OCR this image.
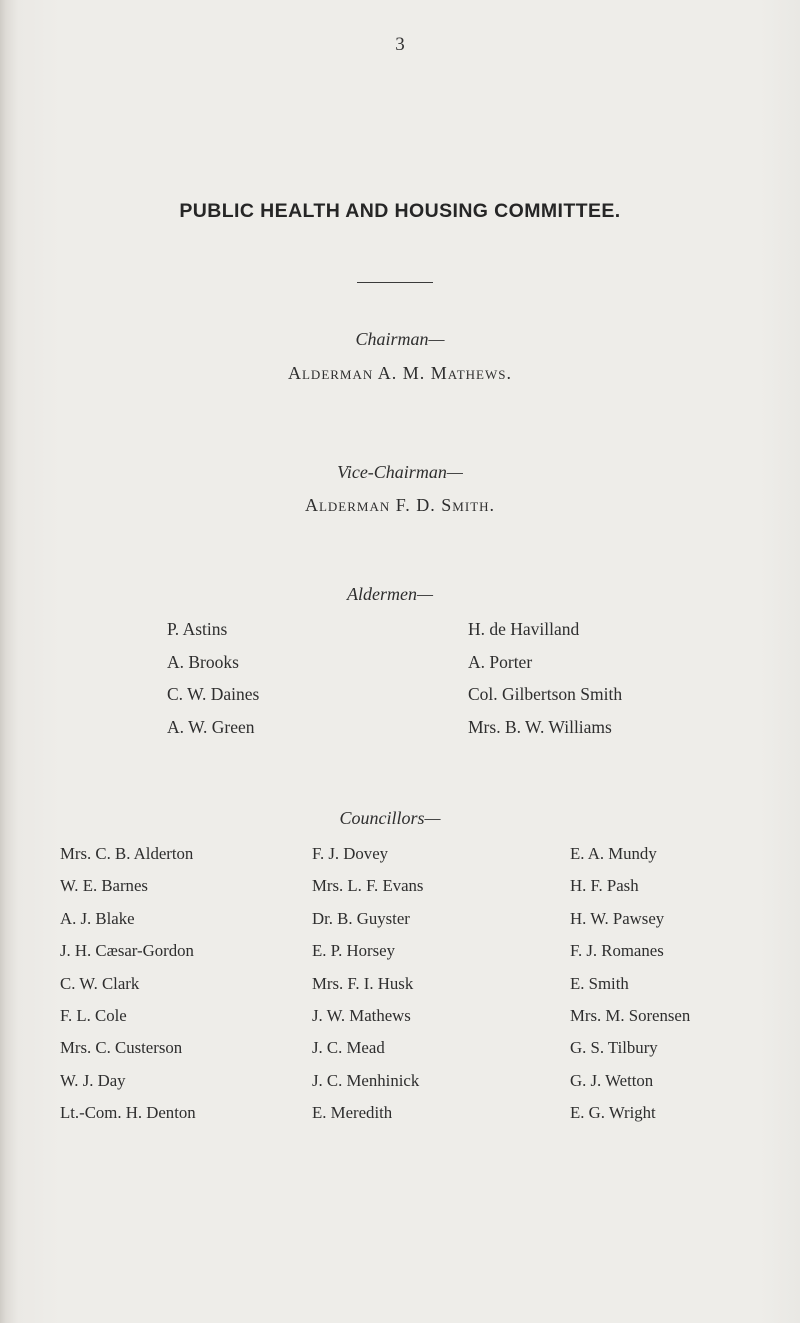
3
PUBLIC HEALTH AND HOUSING COMMITTEE.
Chairman—
Alderman A. M. Mathews.
Vice-Chairman—
Alderman F. D. Smith.
Aldermen—
P. Astins
A. Brooks
C. W. Daines
A. W. Green
H. de Havilland
A. Porter
Col. Gilbertson Smith
Mrs. B. W. Williams
Councillors—
Mrs. C. B. Alderton
W. E. Barnes
A. J. Blake
J. H. Cæsar-Gordon
C. W. Clark
F. L. Cole
Mrs. C. Custerson
W. J. Day
Lt.-Com. H. Denton
F. J. Dovey
Mrs. L. F. Evans
Dr. B. Guyster
E. P. Horsey
Mrs. F. I. Husk
J. W. Mathews
J. C. Mead
J. C. Menhinick
E. Meredith
E. A. Mundy
H. F. Pash
H. W. Pawsey
F. J. Romanes
E. Smith
Mrs. M. Sorensen
G. S. Tilbury
G. J. Wetton
E. G. Wright
